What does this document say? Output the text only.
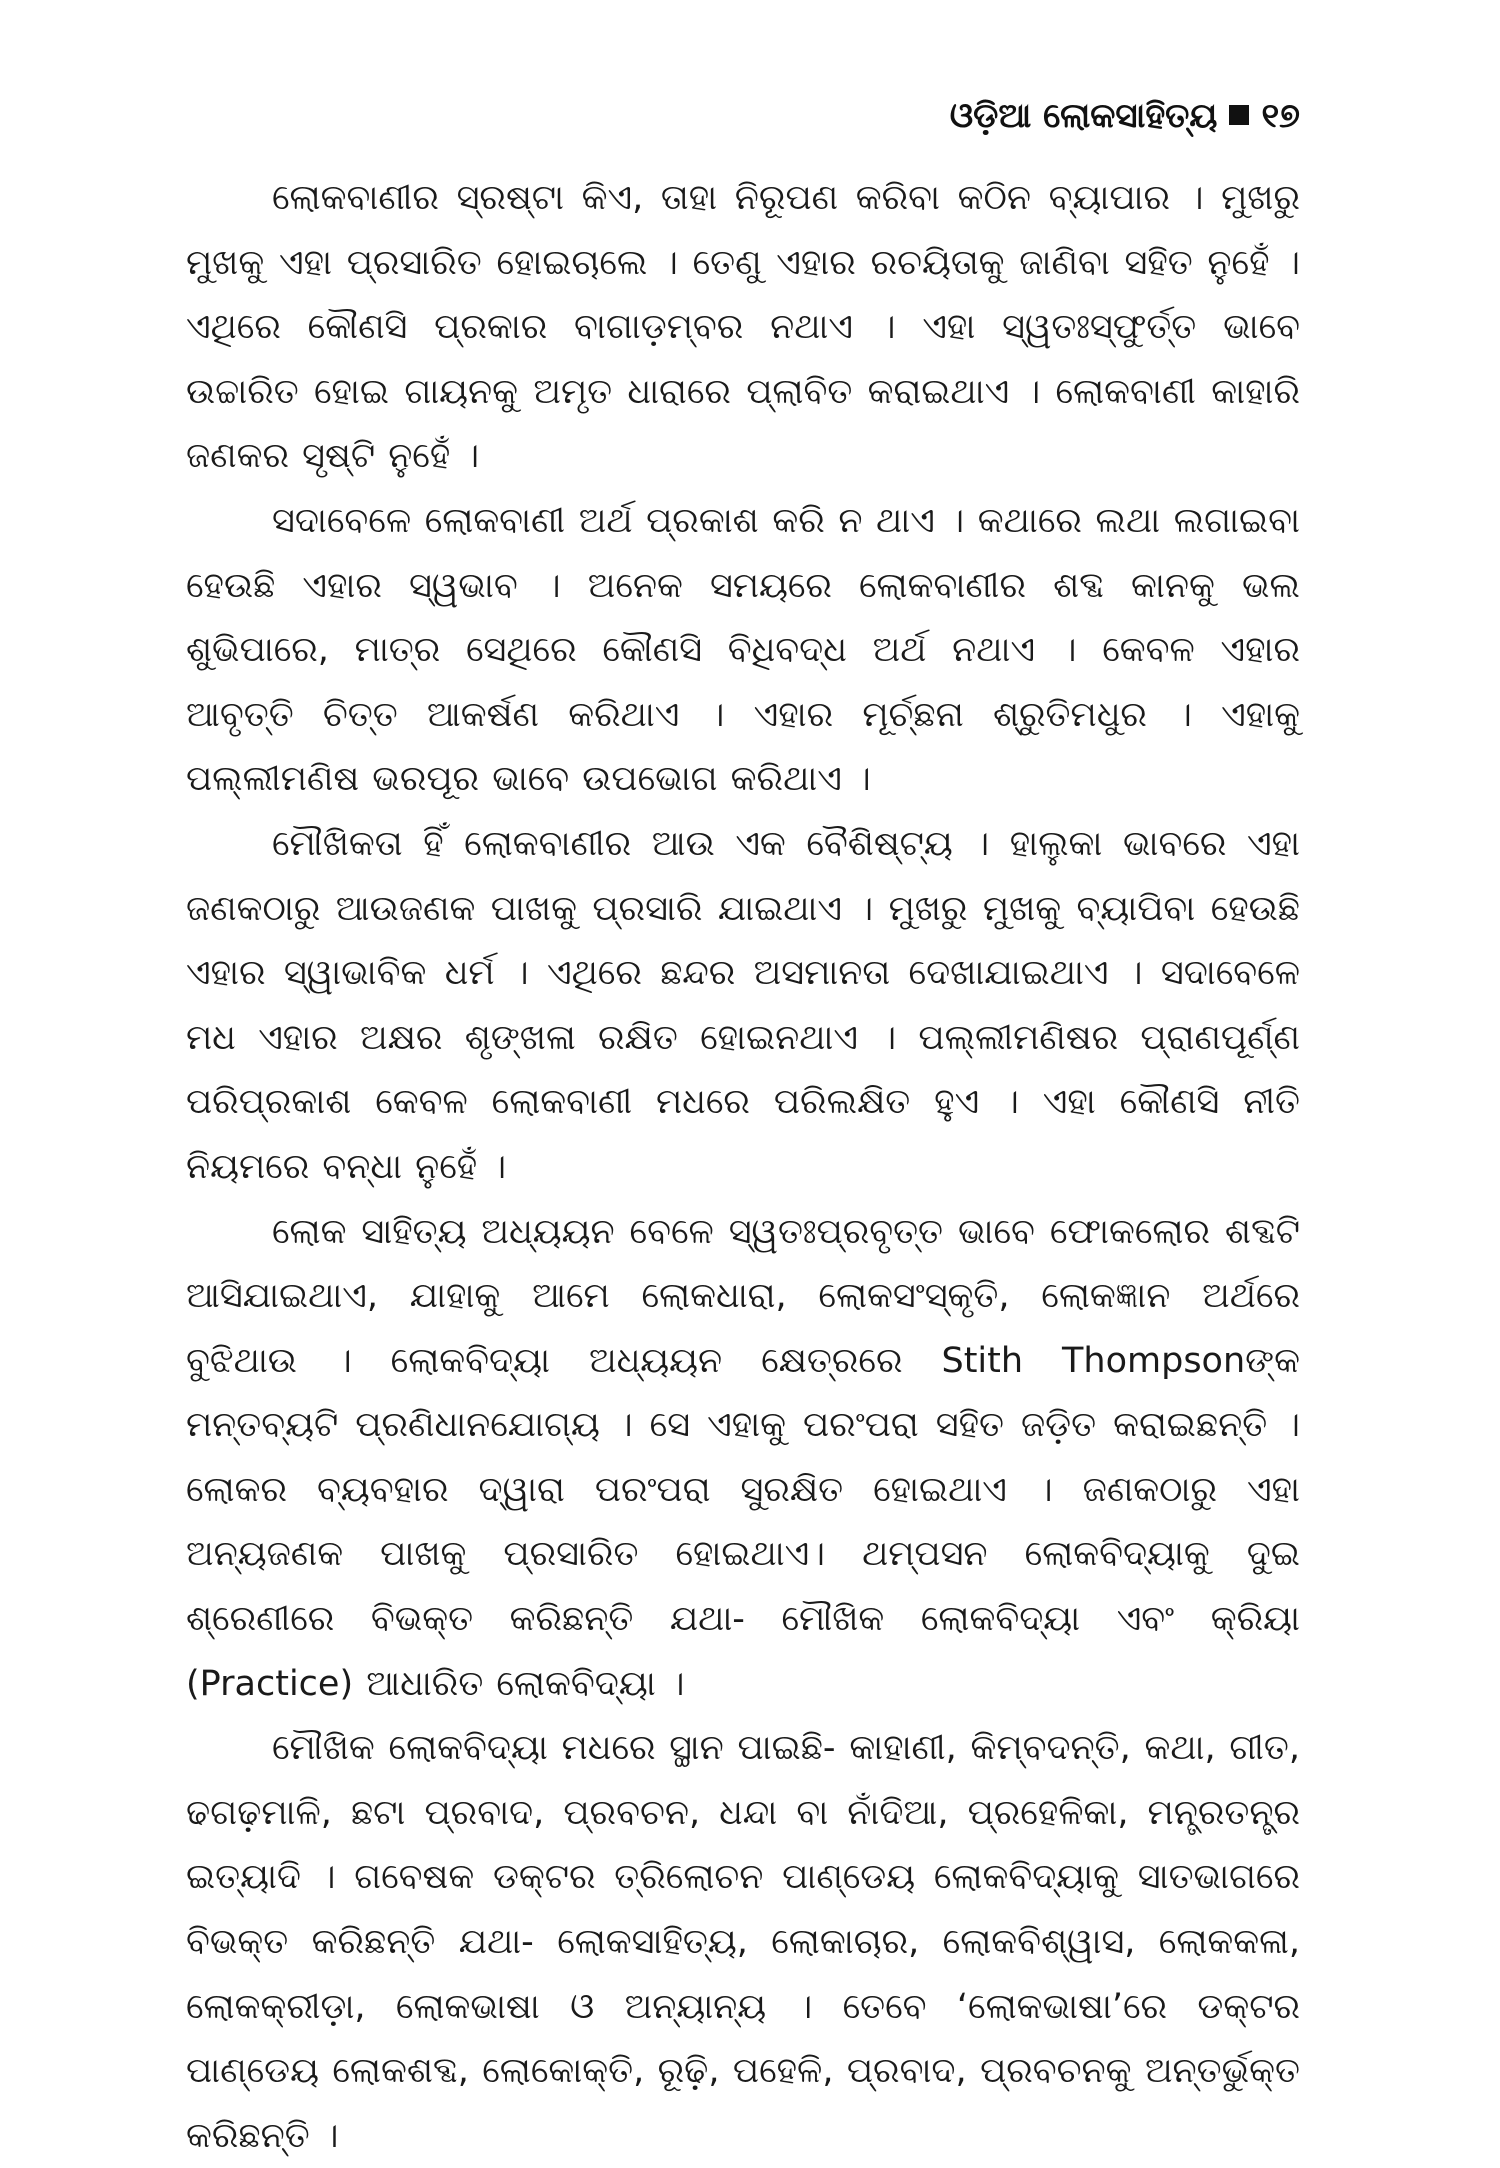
ଓଡ଼ିଆ ଲୋକସାହିତ୍ୟ ୧୭

ଲୋକବାଣୀର ସ୍ରଷ୍ଟା କିଏ, ତାହା ନିରୂପଣ କରିବା କଠିନ ବ୍ୟାପାର । ମୁଖରୁ ମୁଖକୁ ଏହା ପ୍ରସାରିତ ହୋଇଚାଲେ । ତେଣୁ ଏହାର ରଚୟିତାକୁ ଜାଣିବା ସହିତ ନୁହେଁ । ଏଥିରେ କୌଣସି ପ୍ରକାର ବାଗାଡ଼ମ୍ବର ନଥାଏ । ଏହା ସ୍ୱତଃସ୍ଫୁର୍ତ୍ତ ଭାବେ ଉଚ୍ଚାରିତ ହୋଇ ଗାୟନକୁ ଅମୃତ ଧାରାରେ ପ୍ଲାବିତ କରାଇଥାଏ । ଲୋକବାଣୀ କାହାରି ଜଣକର ସୃଷ୍ଟି ନୁହେଁ ।

ସଦାବେଳେ ଲୋକବାଣୀ ଅର୍ଥ ପ୍ରକାଶ କରି ନ ଥାଏ । କଥାରେ ଲଥା ଲଗାଇବା ହେଉଛି ଏହାର ସ୍ୱଭାବ । ଅନେକ ସମୟରେ ଲୋକବାଣୀର ଶବ୍ଦ କାନକୁ ଭଲ ଶୁଭିପାରେ, ମାତ୍ର ସେଥିରେ କୌଣସି ବିଧିବଦ୍ଧ ଅର୍ଥ ନଥାଏ । କେବଳ ଏହାର ଆବୃତ୍ତି ଚିତ୍ତ ଆକର୍ଷଣ କରିଥାଏ । ଏହାର ମୂର୍ଚ୍ଛନା ଶ୍ରୁତିମଧୁର । ଏହାକୁ ପଲ୍ଲୀମଣିଷ ଭରପୂର ଭାବେ ଉପଭୋଗ କରିଥାଏ ।

ମୌଖିକତା ହିଁ ଲୋକବାଣୀର ଆଉ ଏକ ବୈଶିଷ୍ଟ୍ୟ । ହାଲୁକା ଭାବରେ ଏହା ଜଣକଠାରୁ ଆଉଜଣକ ପାଖକୁ ପ୍ରସାରି ଯାଇଥାଏ । ମୁଖରୁ ମୁଖକୁ ବ୍ୟାପିବା ହେଉଛି ଏହାର ସ୍ୱାଭାବିକ ଧର୍ମ । ଏଥିରେ ଛନ୍ଦର ଅସମାନତା ଦେଖାଯାଇଥାଏ । ସଦାବେଳେ ମଧ ଏହାର ଅକ୍ଷର ଶୃଙ୍ଖଳା ରକ୍ଷିତ ହୋଇନଥାଏ । ପଲ୍ଲୀମଣିଷର ପ୍ରାଣପୂର୍ଣ୍ଣ ପରିପ୍ରକାଶ କେବଳ ଲୋକବାଣୀ ମଧରେ ପରିଲକ୍ଷିତ ହୁଏ । ଏହା କୌଣସି ନୀତି ନିୟମରେ ବନ୍ଧା ନୁହେଁ ।

ଲୋକ ସାହିତ୍ୟ ଅଧ୍ୟୟନ ବେଳେ ସ୍ୱତଃପ୍ରବୃତ୍ତ ଭାବେ ଫୋକଲୋର ଶବ୍ଦଟି ଆସିଯାଇଥାଏ, ଯାହାକୁ ଆମେ ଲୋକଧାରା, ଲୋକସଂସ୍କୃତି, ଲୋକଜ୍ଞାନ ଅର୍ଥରେ ବୁଝିଥାଉ । ଲୋକବିଦ୍ୟା ଅଧ୍ୟୟନ କ୍ଷେତ୍ରରେ Stith Thompsonଙ୍କ ମନ୍ତବ୍ୟଟି ପ୍ରଣିଧାନଯୋଗ୍ୟ । ସେ ଏହାକୁ ପରଂପରା ସହିତ ଜଡ଼ିତ କରାଇଛନ୍ତି । ଲୋକର ବ୍ୟବହାର ଦ୍ୱାରା ପରଂପରା ସୁରକ୍ଷିତ ହୋଇଥାଏ । ଜଣକଠାରୁ ଏହା ଅନ୍ୟଜଣକ ପାଖକୁ ପ୍ରସାରିତ ହୋଇଥାଏ। ଥମ୍ପସନ ଲୋକବିଦ୍ୟାକୁ ଦୁଇ ଶ୍ରେଣୀରେ ବିଭକ୍ତ କରିଛନ୍ତି ଯଥା- ମୌଖିକ ଲୋକବିଦ୍ୟା ଏବଂ କ୍ରିୟା (Practice) ଆଧାରିତ ଲୋକବିଦ୍ୟା ।

ମୌଖିକ ଲୋକବିଦ୍ୟା ମଧରେ ସ୍ଥାନ ପାଇଛି- କାହାଣୀ, କିମ୍ବଦନ୍ତି, କଥା, ଗୀତ, ଢଗଢ଼ମାଳି, ଛଟା ପ୍ରବାଦ, ପ୍ରବଚନ, ଧନ୍ଦା ବା ନାଁଦିଆ, ପ୍ରହେଳିକା, ମନ୍ତ୍ରତନ୍ତ୍ର ଇତ୍ୟାଦି । ଗବେଷକ ଡକ୍ଟର ତ୍ରିଲୋଚନ ପାଣ୍ଡେୟ ଲୋକବିଦ୍ୟାକୁ ସାତଭାଗରେ ବିଭକ୍ତ କରିଛନ୍ତି ଯଥା- ଲୋକସାହିତ୍ୟ, ଲୋକାଚାର, ଲୋକବିଶ୍ୱାସ, ଲୋକକଳା, ଲୋକକ୍ରୀଡ଼ା, ଲୋକଭାଷା ଓ ଅନ୍ୟାନ୍ୟ । ତେବେ ‘ଲୋକଭାଷା’ରେ ଡକ୍ଟର ପାଣ୍ଡେୟ ଲୋକଶବ୍ଦ, ଲୋକୋକ୍ତି, ରୂଢ଼ି, ପହେଳି, ପ୍ରବାଦ, ପ୍ରବଚନକୁ ଅନ୍ତର୍ଭୁକ୍ତ କରିଛନ୍ତି ।
